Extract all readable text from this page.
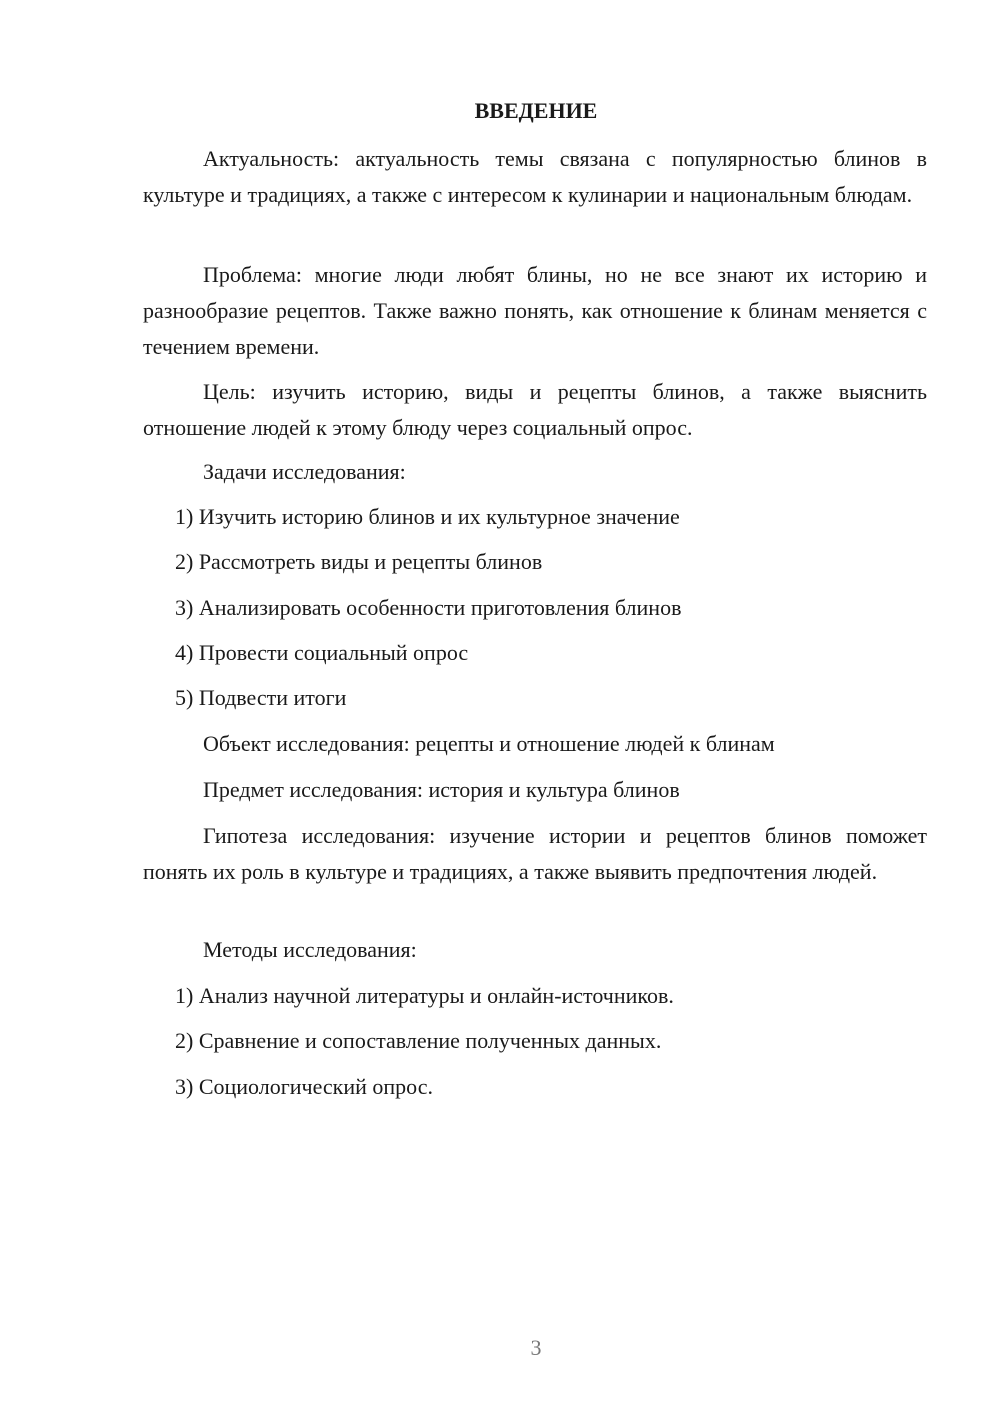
ВВЕДЕНИЕ

Актуальность: актуальность темы связана с популярностью блинов в культуре и традициях, а также с интересом к кулинарии и национальным блюдам.

Проблема: многие люди любят блины, но не все знают их историю и разнообразие рецептов. Также важно понять, как отношение к блинам меняется с течением времени.

Цель: изучить историю, виды и рецепты блинов, а также выяснить отношение людей к этому блюду через социальный опрос.

Задачи исследования:

1) Изучить историю блинов и их культурное значение

2) Рассмотреть виды и рецепты блинов

3) Анализировать особенности приготовления блинов

4) Провести социальный опрос

5) Подвести итоги

Объект исследования: рецепты и отношение людей к блинам

Предмет исследования: история и культура блинов

Гипотеза исследования: изучение истории и рецептов блинов поможет понять их роль в культуре и традициях, а также выявить предпочтения людей.

Методы исследования:

1) Анализ научной литературы и онлайн-источников.

2) Сравнение и сопоставление полученных данных.

3) Социологический опрос.

3
